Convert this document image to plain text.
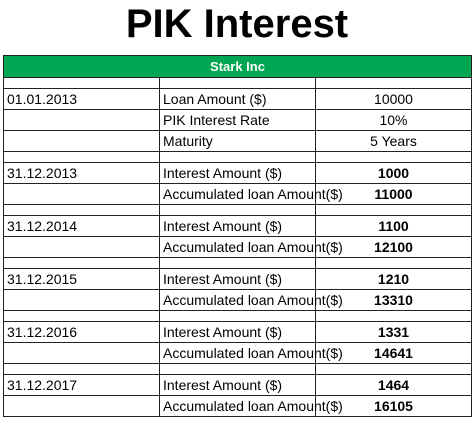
PIK Interest
Stark Inc		

01.01.2013	Loan Amount ($)	10000
	PIK Interest Rate	10%
	Maturity	5 Years

31.12.2013	Interest Amount ($)	1000
	Accumulated loan Amount($)	11000

31.12.2014	Interest Amount ($)	1100
	Accumulated loan Amount($)	12100

31.12.2015	Interest Amount ($)	1210
	Accumulated loan Amount($)	13310

31.12.2016	Interest Amount ($)	1331
	Accumulated loan Amount($)	14641

31.12.2017	Interest Amount ($)	1464
	Accumulated loan Amount($)	16105
